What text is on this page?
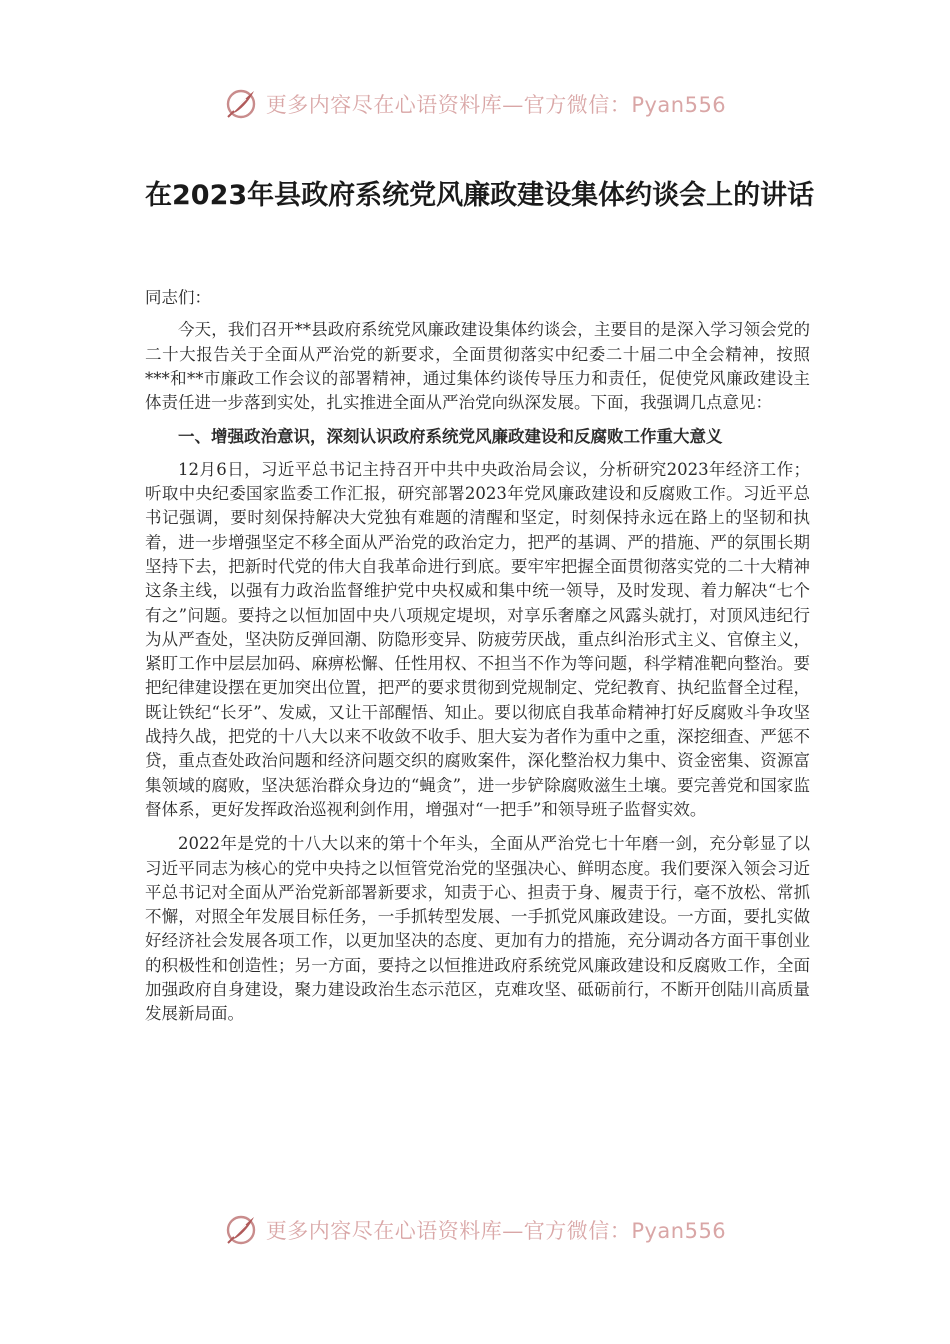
更多内容尽在心语资料库—官方微信：Pyan556
在2023年县政府系统党风廉政建设集体约谈会上的讲话

同志们：

今天，我们召开**县政府系统党风廉政建设集体约谈会，主要目的是深入学习领会党的二十大报告关于全面从严治党的新要求，全面贯彻落实中纪委二十届二中全会精神，按照***和**市廉政工作会议的部署精神，通过集体约谈传导压力和责任，促使党风廉政建设主体责任进一步落到实处，扎实推进全面从严治党向纵深发展。下面，我强调几点意见：

一、增强政治意识，深刻认识政府系统党风廉政建设和反腐败工作重大意义

12月6日，习近平总书记主持召开中共中央政治局会议，分析研究2023年经济工作；听取中央纪委国家监委工作汇报，研究部署2023年党风廉政建设和反腐败工作。习近平总书记强调，要时刻保持解决大党独有难题的清醒和坚定，时刻保持永远在路上的坚韧和执着，进一步增强坚定不移全面从严治党的政治定力，把严的基调、严的措施、严的氛围长期坚持下去，把新时代党的伟大自我革命进行到底。要牢牢把握全面贯彻落实党的二十大精神这条主线，以强有力政治监督维护党中央权威和集中统一领导，及时发现、着力解决“七个有之”问题。要持之以恒加固中央八项规定堤坝，对享乐奢靡之风露头就打，对顶风违纪行为从严查处，坚决防反弹回潮、防隐形变异、防疲劳厌战，重点纠治形式主义、官僚主义，紧盯工作中层层加码、麻痹松懈、任性用权、不担当不作为等问题，科学精准靶向整治。要把纪律建设摆在更加突出位置，把严的要求贯彻到党规制定、党纪教育、执纪监督全过程，既让铁纪“长牙”、发威，又让干部醒悟、知止。要以彻底自我革命精神打好反腐败斗争攻坚战持久战，把党的十八大以来不收敛不收手、胆大妄为者作为重中之重，深挖细查、严惩不贷，重点查处政治问题和经济问题交织的腐败案件，深化整治权力集中、资金密集、资源富集领域的腐败，坚决惩治群众身边的“蝇贪”，进一步铲除腐败滋生土壤。要完善党和国家监督体系，更好发挥政治巡视利剑作用，增强对“一把手”和领导班子监督实效。

2022年是党的十八大以来的第十个年头，全面从严治党七十年磨一剑，充分彰显了以习近平同志为核心的党中央持之以恒管党治党的坚强决心、鲜明态度。我们要深入领会习近平总书记对全面从严治党新部署新要求，知责于心、担责于身、履责于行，毫不放松、常抓不懈，对照全年发展目标任务，一手抓转型发展、一手抓党风廉政建设。一方面，要扎实做好经济社会发展各项工作，以更加坚决的态度、更加有力的措施，充分调动各方面干事创业的积极性和创造性；另一方面，要持之以恒推进政府系统党风廉政建设和反腐败工作，全面加强政府自身建设，聚力建设政治生态示范区，克难攻坚、砥砺前行，不断开创陆川高质量发展新局面。

更多内容尽在心语资料库—官方微信：Pyan556
